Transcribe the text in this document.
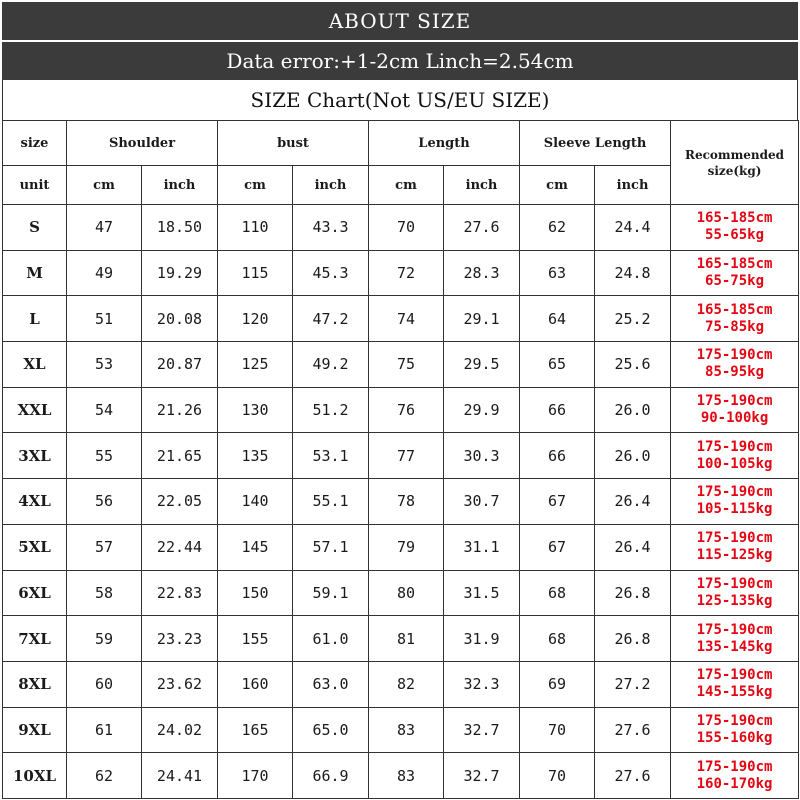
ABOUT SIZE
Data error:+1-2cm Linch=2.54cm
SIZE Chart(Not US/EU SIZE)
size	Shoulder		bust		Length		Sleeve Length		Recommended
size(kg)
unit	cm	inch	cm	inch	cm	inch	cm	inch	
S	47	18.50	110	43.3	70	27.6	62	24.4	165-185cm
55-65kg

M	49	19.29	115	45.3	72	28.3	63	24.8	165-185cm
65-75kg

L	51	20.08	120	47.2	74	29.1	64	25.2	165-185cm
75-85kg

XL	53	20.87	125	49.2	75	29.5	65	25.6	175-190cm
85-95kg

XXL	54	21.26	130	51.2	76	29.9	66	26.0	175-190cm
90-100kg

3XL	55	21.65	135	53.1	77	30.3	66	26.0	175-190cm
100-105kg

4XL	56	22.05	140	55.1	78	30.7	67	26.4	175-190cm
105-115kg

5XL	57	22.44	145	57.1	79	31.1	67	26.4	175-190cm
115-125kg

6XL	58	22.83	150	59.1	80	31.5	68	26.8	175-190cm
125-135kg

7XL	59	23.23	155	61.0	81	31.9	68	26.8	175-190cm
135-145kg

8XL	60	23.62	160	63.0	82	32.3	69	27.2	175-190cm
145-155kg

9XL	61	24.02	165	65.0	83	32.7	70	27.6	175-190cm
155-160kg

10XL	62	24.41	170	66.9	83	32.7	70	27.6	175-190cm
160-170kg
